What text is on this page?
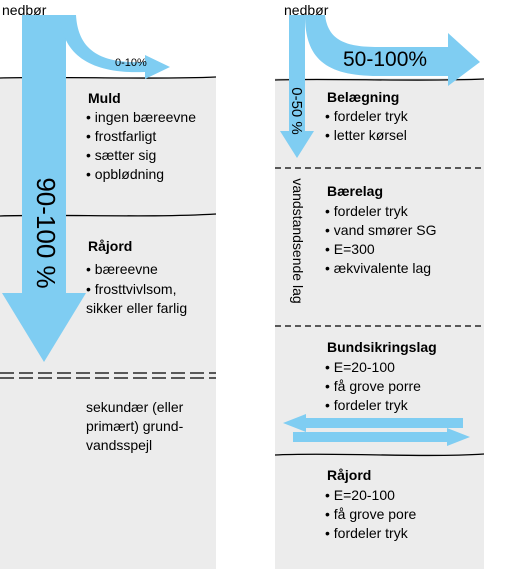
nedbør	nedbør
0-10%
90-100 %
50-100%
0-50 %
vandstandsende lag
Muld
• ingen bæreevne
• frostfarligt
• sætter sig
• opblødning
Råjord
• bæreevne
• frosttvivlsom, sikker eller farlig
sekundær (eller primært) grund-vandsspejl
Belægning
• fordeler tryk
• letter kørsel
Bærelag
• fordeler tryk
• vand smører SG
• E=300
• ækvivalente lag
Bundsikringslag
• E=20-100
• få grove porre
• fordeler tryk
Råjord
• E=20-100
• få grove pore
• fordeler tryk
